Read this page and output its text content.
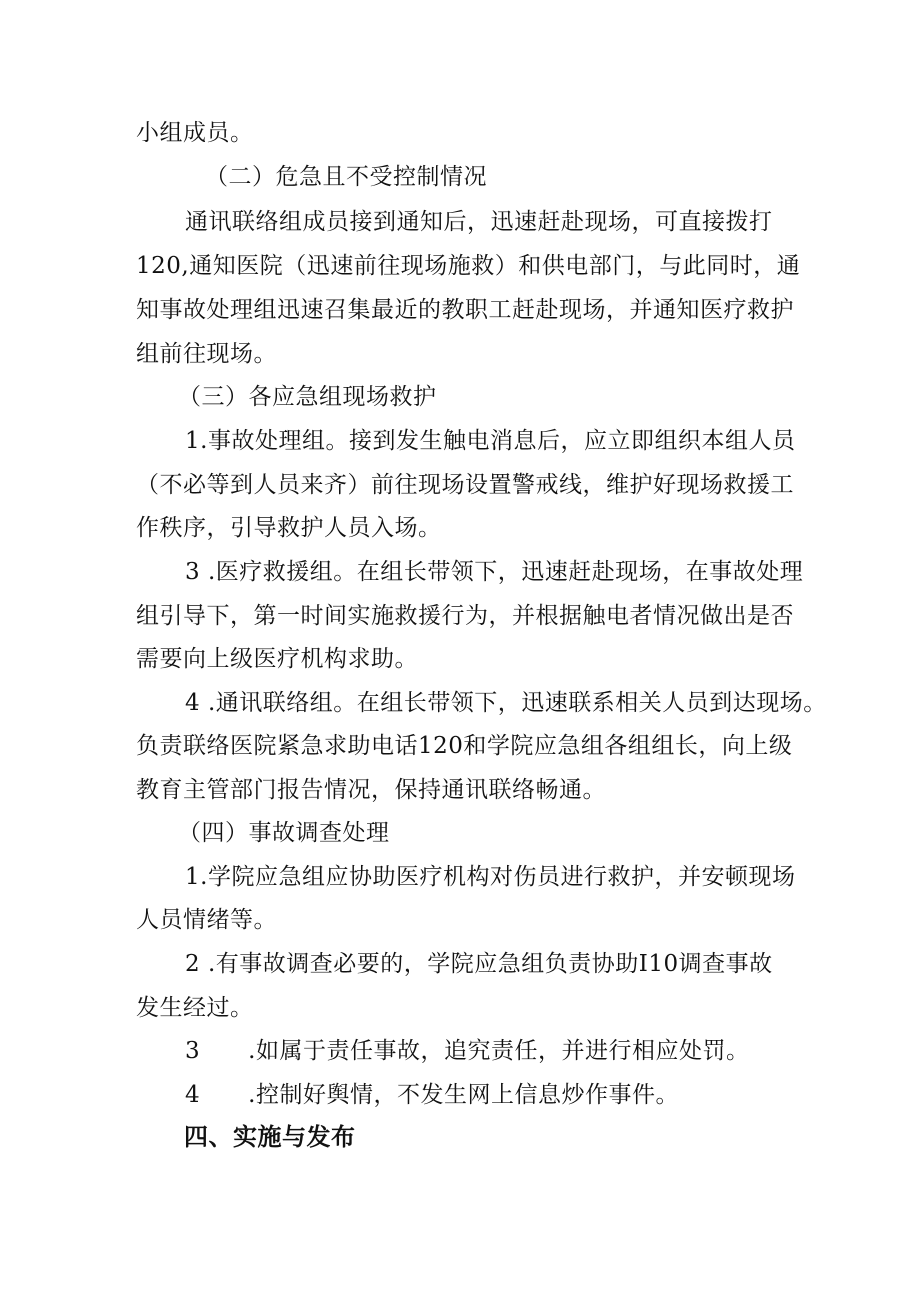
小组成员。
（二）危急且不受控制情况
通讯联络组成员接到通知后，迅速赶赴现场，可直接拨打
120,通知医院（迅速前往现场施救）和供电部门，与此同时，通
知事故处理组迅速召集最近的教职工赶赴现场，并通知医疗救护
组前往现场。
（三）各应急组现场救护
1.事故处理组。接到发生触电消息后，应立即组织本组人员
（不必等到人员来齐）前往现场设置警戒线，维护好现场救援工
作秩序，引导救护人员入场。
3 .医疗救援组。在组长带领下，迅速赶赴现场，在事故处理
组引导下，第一时间实施救援行为，并根据触电者情况做出是否
需要向上级医疗机构求助。
4 .通讯联络组。在组长带领下，迅速联系相关人员到达现场。
负责联络医院紧急求助电话120和学院应急组各组组长，向上级
教育主管部门报告情况，保持通讯联络畅通。
（四）事故调查处理
1.学院应急组应协助医疗机构对伤员进行救护，并安顿现场
人员情绪等。
2 .有事故调查必要的，学院应急组负责协助I10调查事故
发生经过。
3 .如属于责任事故，追究责任，并进行相应处罚。
4 .控制好舆情，不发生网上信息炒作事件。
四、实施与发布
